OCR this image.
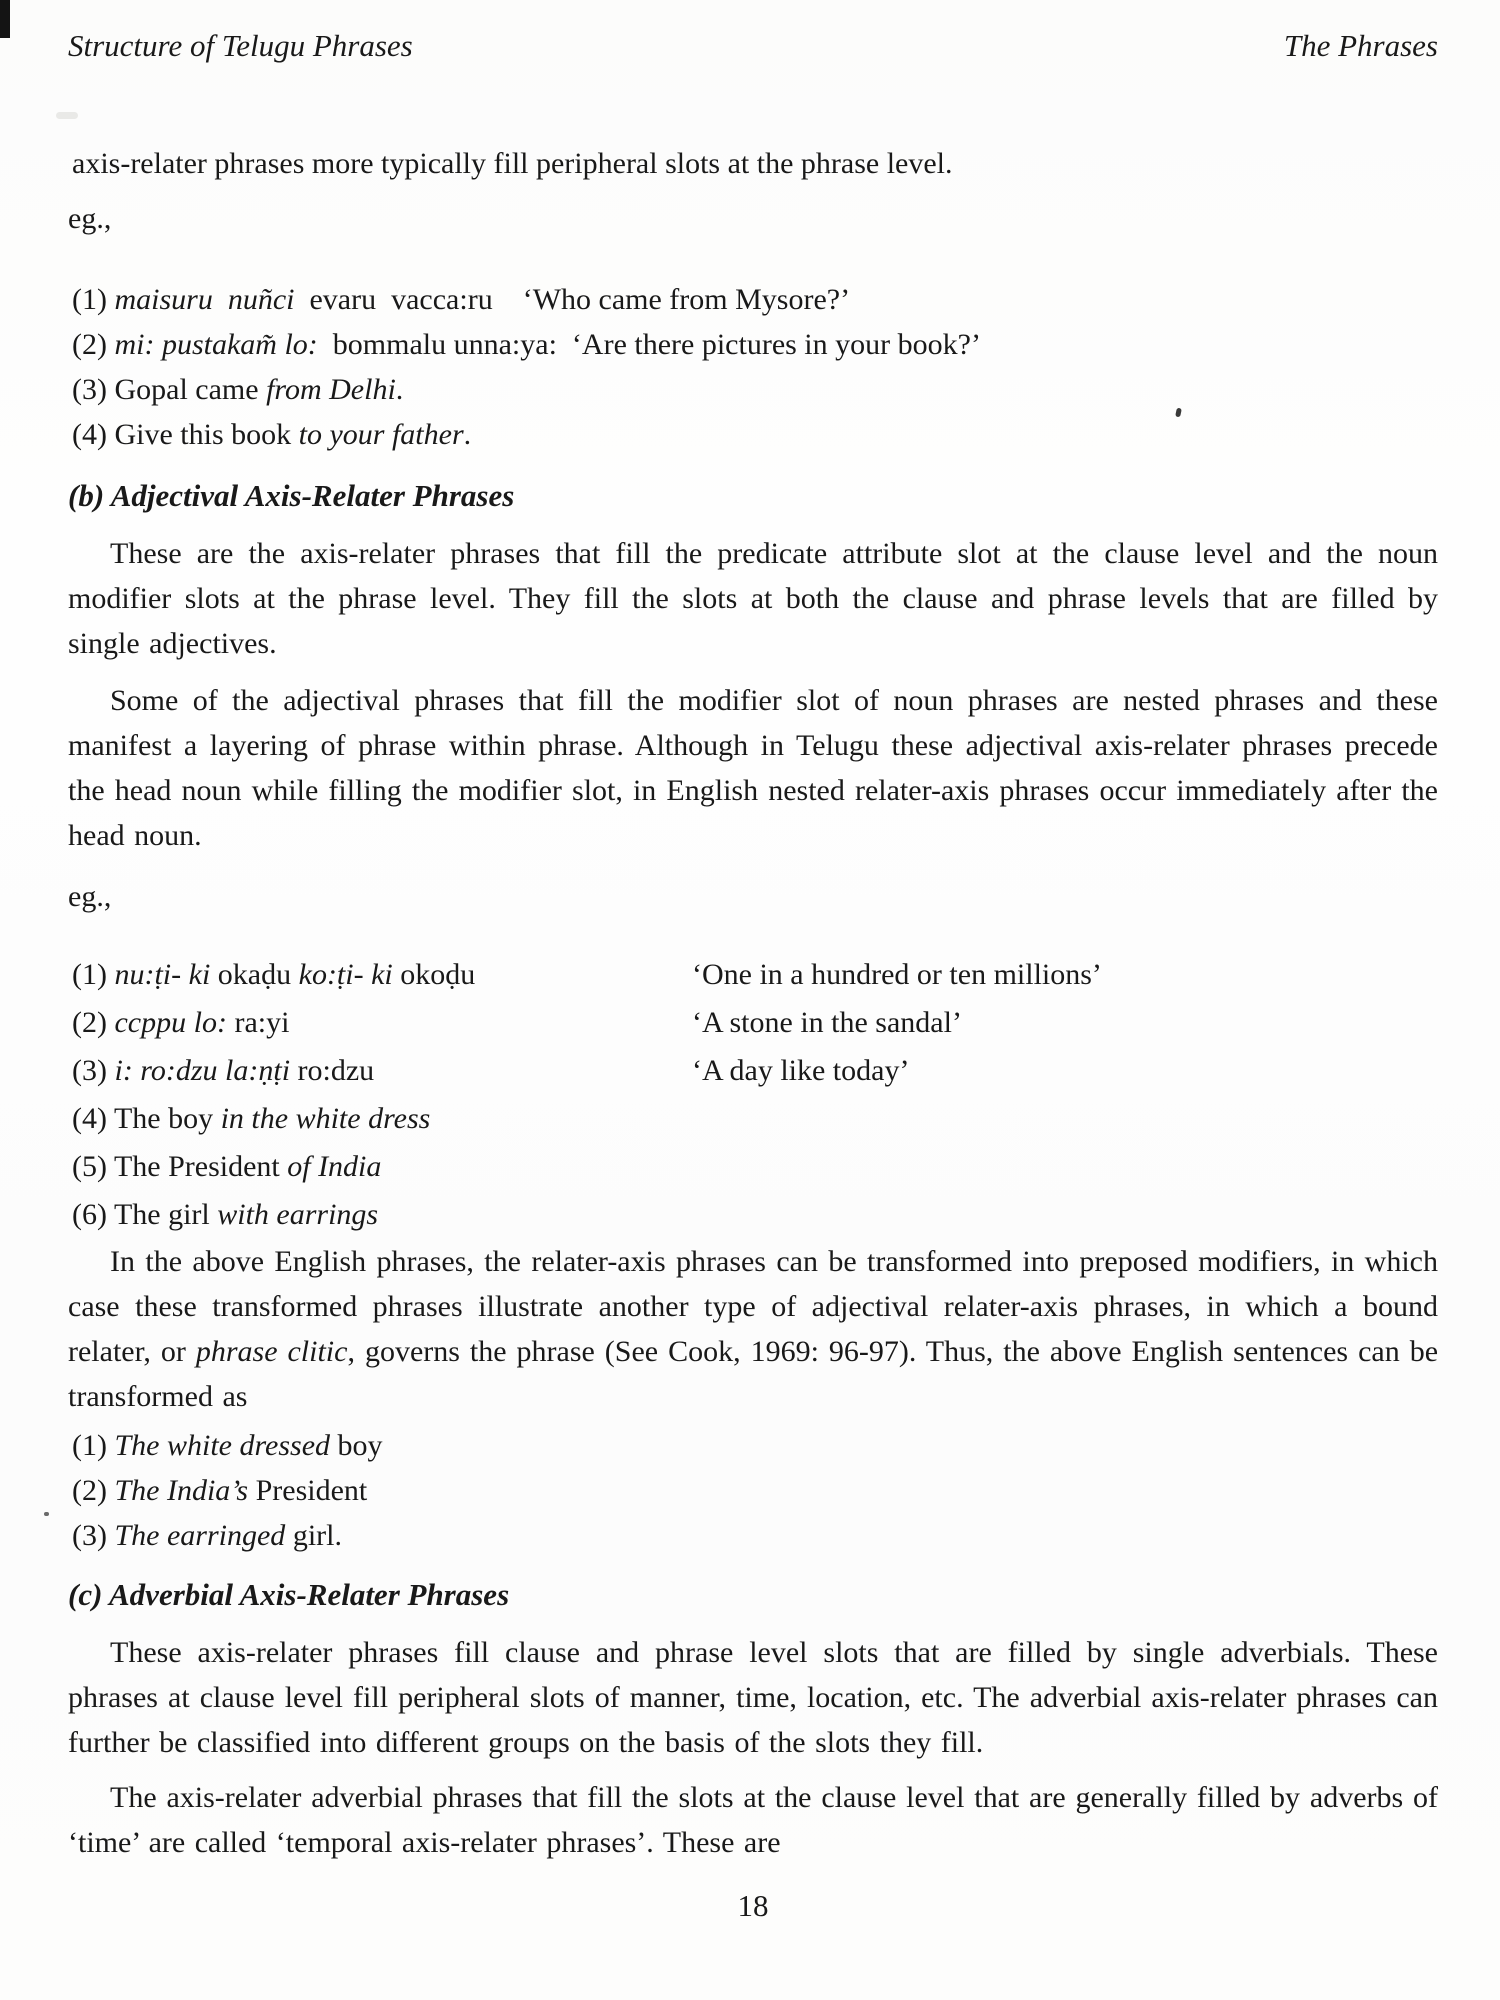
Structure of Telugu Phrases	The Phrases

axis-relater phrases more typically fill peripheral slots at the phrase level.

eg.,

(1) maisuru  nuñci  evaru  vacca:ru    ‘Who came from Mysore?’
(2) mi: pustakam̃ lo:  bommalu unna:ya:  ‘Are there pictures in your book?’
(3) Gopal came from Delhi.
(4) Give this book to your father.
(b) Adjectival Axis-Relater Phrases

These are the axis-relater phrases that fill the predicate attribute slot at the clause level and the noun modifier slots at the phrase level. They fill the slots at both the clause and phrase levels that are filled by single adjectives.

Some of the adjectival phrases that fill the modifier slot of noun phrases are nested phrases and these manifest a layering of phrase within phrase. Although in Telugu these adjectival axis-relater phrases precede the head noun while filling the modifier slot, in English nested relater-axis phrases occur immediately after the head noun.

eg.,

(1) nu:ṭi- ki okaḍu ko:ṭi- ki okoḍu	‘One in a hundred or ten millions’
(2) ccppu lo: ra:yi	‘A stone in the sandal’
(3) i: ro:dzu la:ṇṭi ro:dzu	‘A day like today’
(4) The boy in the white dress
(5) The President of India
(6) The girl with earrings

In the above English phrases, the relater-axis phrases can be transformed into preposed modifiers, in which case these transformed phrases illustrate another type of adjectival relater-axis phrases, in which a bound relater, or phrase clitic, governs the phrase (See Cook, 1969: 96-97). Thus, the above English sentences can be transformed as

(1) The white dressed boy
(2) The India’s President
(3) The earringed girl.
(c) Adverbial Axis-Relater Phrases

These axis-relater phrases fill clause and phrase level slots that are filled by single adverbials. These phrases at clause level fill peripheral slots of manner, time, location, etc. The adverbial axis-relater phrases can further be classified into different groups on the basis of the slots they fill.

The axis-relater adverbial phrases that fill the slots at the clause level that are generally filled by adverbs of ‘time’ are called ‘temporal axis-relater phrases’. These are

18
